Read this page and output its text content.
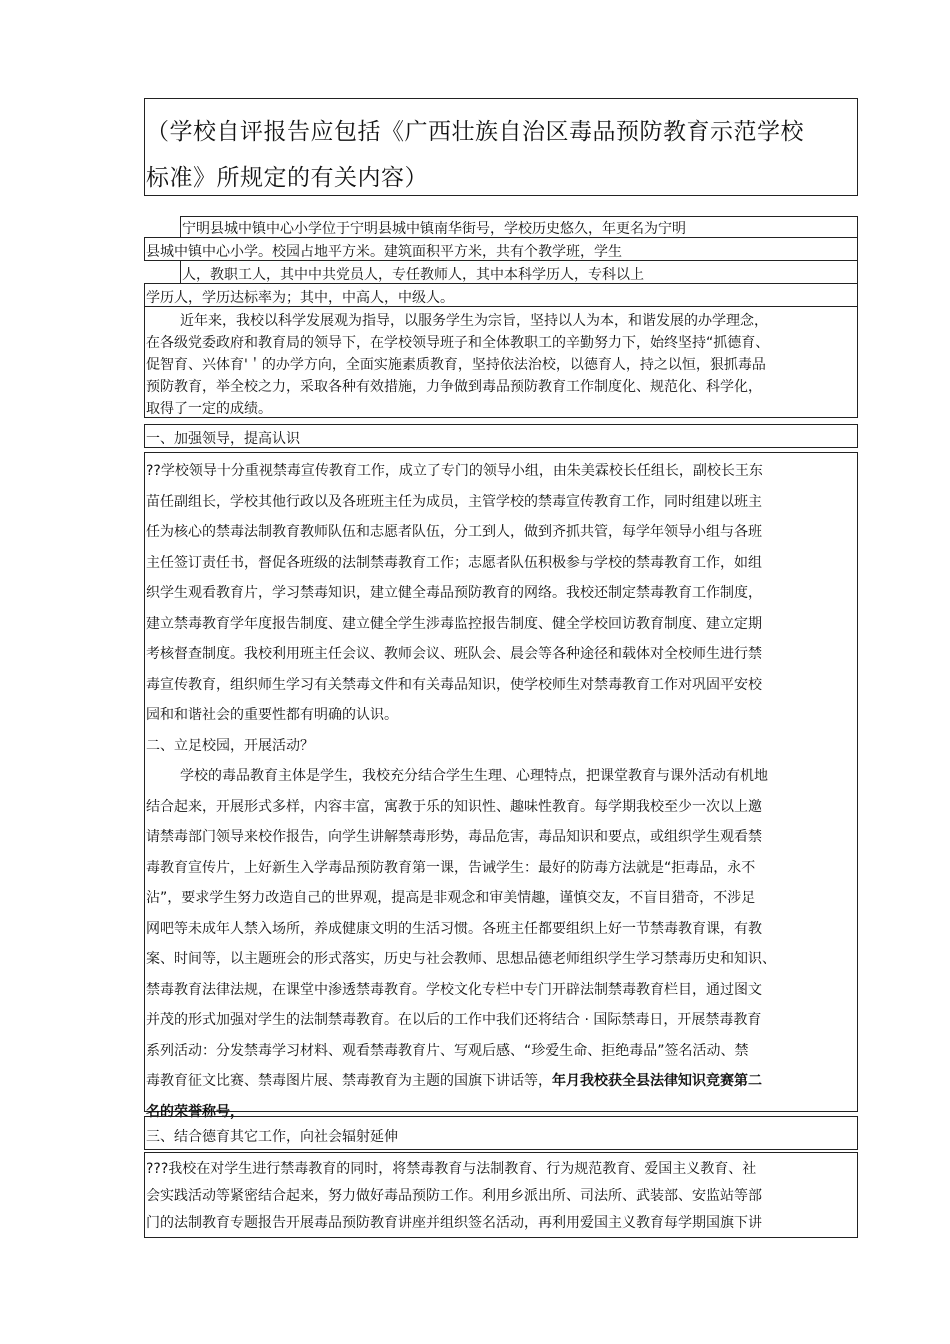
（学校自评报告应包括《广西壮族自治区毒品预防教育示范学校
标准》所规定的有关内容）
宁明县城中镇中心小学位于宁明县城中镇南华街号，学校历史悠久，年更名为宁明
县城中镇中心小学。校园占地平方米。建筑面积平方米，共有个教学班，学生
人，教职工人，其中中共党员人，专任教师人，其中本科学历人，专科以上
学历人，学历达标率为；其中，中高人，中级人。
近年来，我校以科学发展观为指导，以服务学生为宗旨，坚持以人为本，和谐发展的办学理念，
在各级党委政府和教育局的领导下，在学校领导班子和全体教职工的辛勤努力下，始终坚持“抓德育、
促智育、兴体育'＇的办学方向，全面实施素质教育，坚持依法治校，以德育人，持之以恒，狠抓毒品
预防教育，举全校之力，采取各种有效措施，力争做到毒品预防教育工作制度化、规范化、科学化，
取得了一定的成绩。
一、加强领导，提高认识
??学校领导十分重视禁毒宣传教育工作，成立了专门的领导小组，由朱美霖校长任组长，副校长王东
苗任副组长，学校其他行政以及各班班主任为成员，主管学校的禁毒宣传教育工作，同时组建以班主
任为核心的禁毒法制教育教师队伍和志愿者队伍，分工到人，做到齐抓共管，每学年领导小组与各班
主任签订责任书，督促各班级的法制禁毒教育工作；志愿者队伍积极参与学校的禁毒教育工作，如组
织学生观看教育片，学习禁毒知识，建立健全毒品预防教育的网络。我校还制定禁毒教育工作制度，
建立禁毒教育学年度报告制度、建立健全学生涉毒监控报告制度、健全学校回访教育制度、建立定期
考核督查制度。我校利用班主任会议、教师会议、班队会、晨会等各种途径和载体对全校师生进行禁
毒宣传教育，组织师生学习有关禁毒文件和有关毒品知识，使学校师生对禁毒教育工作对巩固平安校
园和和谐社会的重要性都有明确的认识。
二、立足校园，开展活动？
学校的毒品教育主体是学生，我校充分结合学生生理、心理特点，把课堂教育与课外活动有机地
结合起来，开展形式多样，内容丰富，寓教于乐的知识性、趣味性教育。每学期我校至少一次以上邀
请禁毒部门领导来校作报告，向学生讲解禁毒形势，毒品危害，毒品知识和要点，或组织学生观看禁
毒教育宣传片，上好新生入学毒品预防教育第一课，告诫学生：最好的防毒方法就是“拒毒品，永不
沾”，要求学生努力改造自己的世界观，提高是非观念和审美情趣，谨慎交友，不盲目猎奇，不涉足
网吧等未成年人禁入场所，养成健康文明的生活习惯。各班主任都要组织上好一节禁毒教育课，有教
案、时间等，以主题班会的形式落实，历史与社会教师、思想品德老师组织学生学习禁毒历史和知识、
禁毒教育法律法规，在课堂中渗透禁毒教育。学校文化专栏中专门开辟法制禁毒教育栏目，通过图文
并茂的形式加强对学生的法制禁毒教育。在以后的工作中我们还将结合 · 国际禁毒日，开展禁毒教育
系列活动：分发禁毒学习材料、观看禁毒教育片、写观后感、“珍爱生命、拒绝毒品”签名活动、禁
毒教育征文比赛、禁毒图片展、禁毒教育为主题的国旗下讲话等，年月我校获全县法律知识竞赛第二
名的荣誉称号，
三、结合德育其它工作，向社会辐射延伸
???我校在对学生进行禁毒教育的同时，将禁毒教育与法制教育、行为规范教育、爱国主义教育、社
会实践活动等紧密结合起来，努力做好毒品预防工作。利用乡派出所、司法所、武装部、安监站等部
门的法制教育专题报告开展毒品预防教育讲座并组织签名活动，再利用爱国主义教育每学期国旗下讲
